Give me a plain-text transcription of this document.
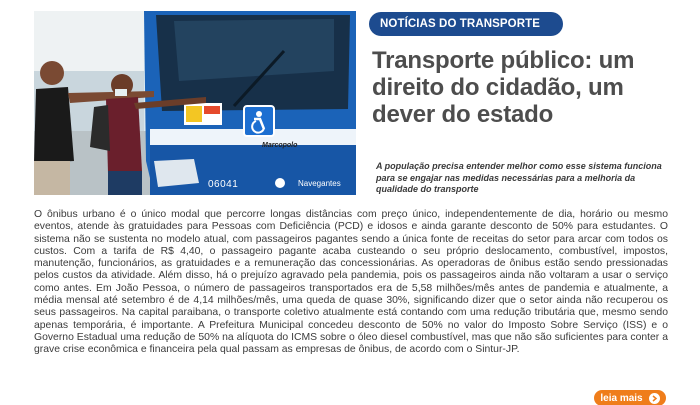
Marcopolo
06041	Navegantes
NOTÍCIAS DO TRANSPORTE
Transporte público: um direito do cidadão, um dever do estado

A população precisa entender melhor como esse sistema funciona para se engajar nas medidas necessárias para a melhoria da qualidade do transporte

O ônibus urbano é o único modal que percorre longas distâncias com preço único, independentemente de dia, horário ou mesmo eventos, atende às gratuidades para Pessoas com Deficiência (PCD) e idosos e ainda garante desconto de 50% para estudantes. O sistema não se sustenta no modelo atual, com passageiros pagantes sendo a única fonte de receitas do setor para arcar com todos os custos. Com a tarifa de R$ 4,40, o passageiro pagante acaba custeando o seu próprio deslocamento, combustível, impostos, manutenção, funcionários, as gratuidades e a remuneração das concessionárias. As operadoras de ônibus estão sendo pressionadas pelos custos da atividade. Além disso, há o prejuízo agravado pela pandemia, pois os passageiros ainda não voltaram a usar o serviço como antes. Em João Pessoa, o número de passageiros transportados era de 5,58 milhões/mês antes de pandemia e atualmente, a média mensal até setembro é de 4,14 milhões/mês, uma queda de quase 30%, significando dizer que o setor ainda não recuperou os seus passageiros. Na capital paraibana, o transporte coletivo atualmente está contando com uma redução tributária que, mesmo sendo apenas temporária, é importante. A Prefeitura Municipal concedeu desconto de 50% no valor do Imposto Sobre Serviço (ISS) e o Governo Estadual uma redução de 50% na alíquota do ICMS sobre o óleo diesel combustível, mas que não são suficientes para conter a grave crise econômica e financeira pela qual passam as empresas de ônibus, de acordo com o Sintur-JP.

leia mais
